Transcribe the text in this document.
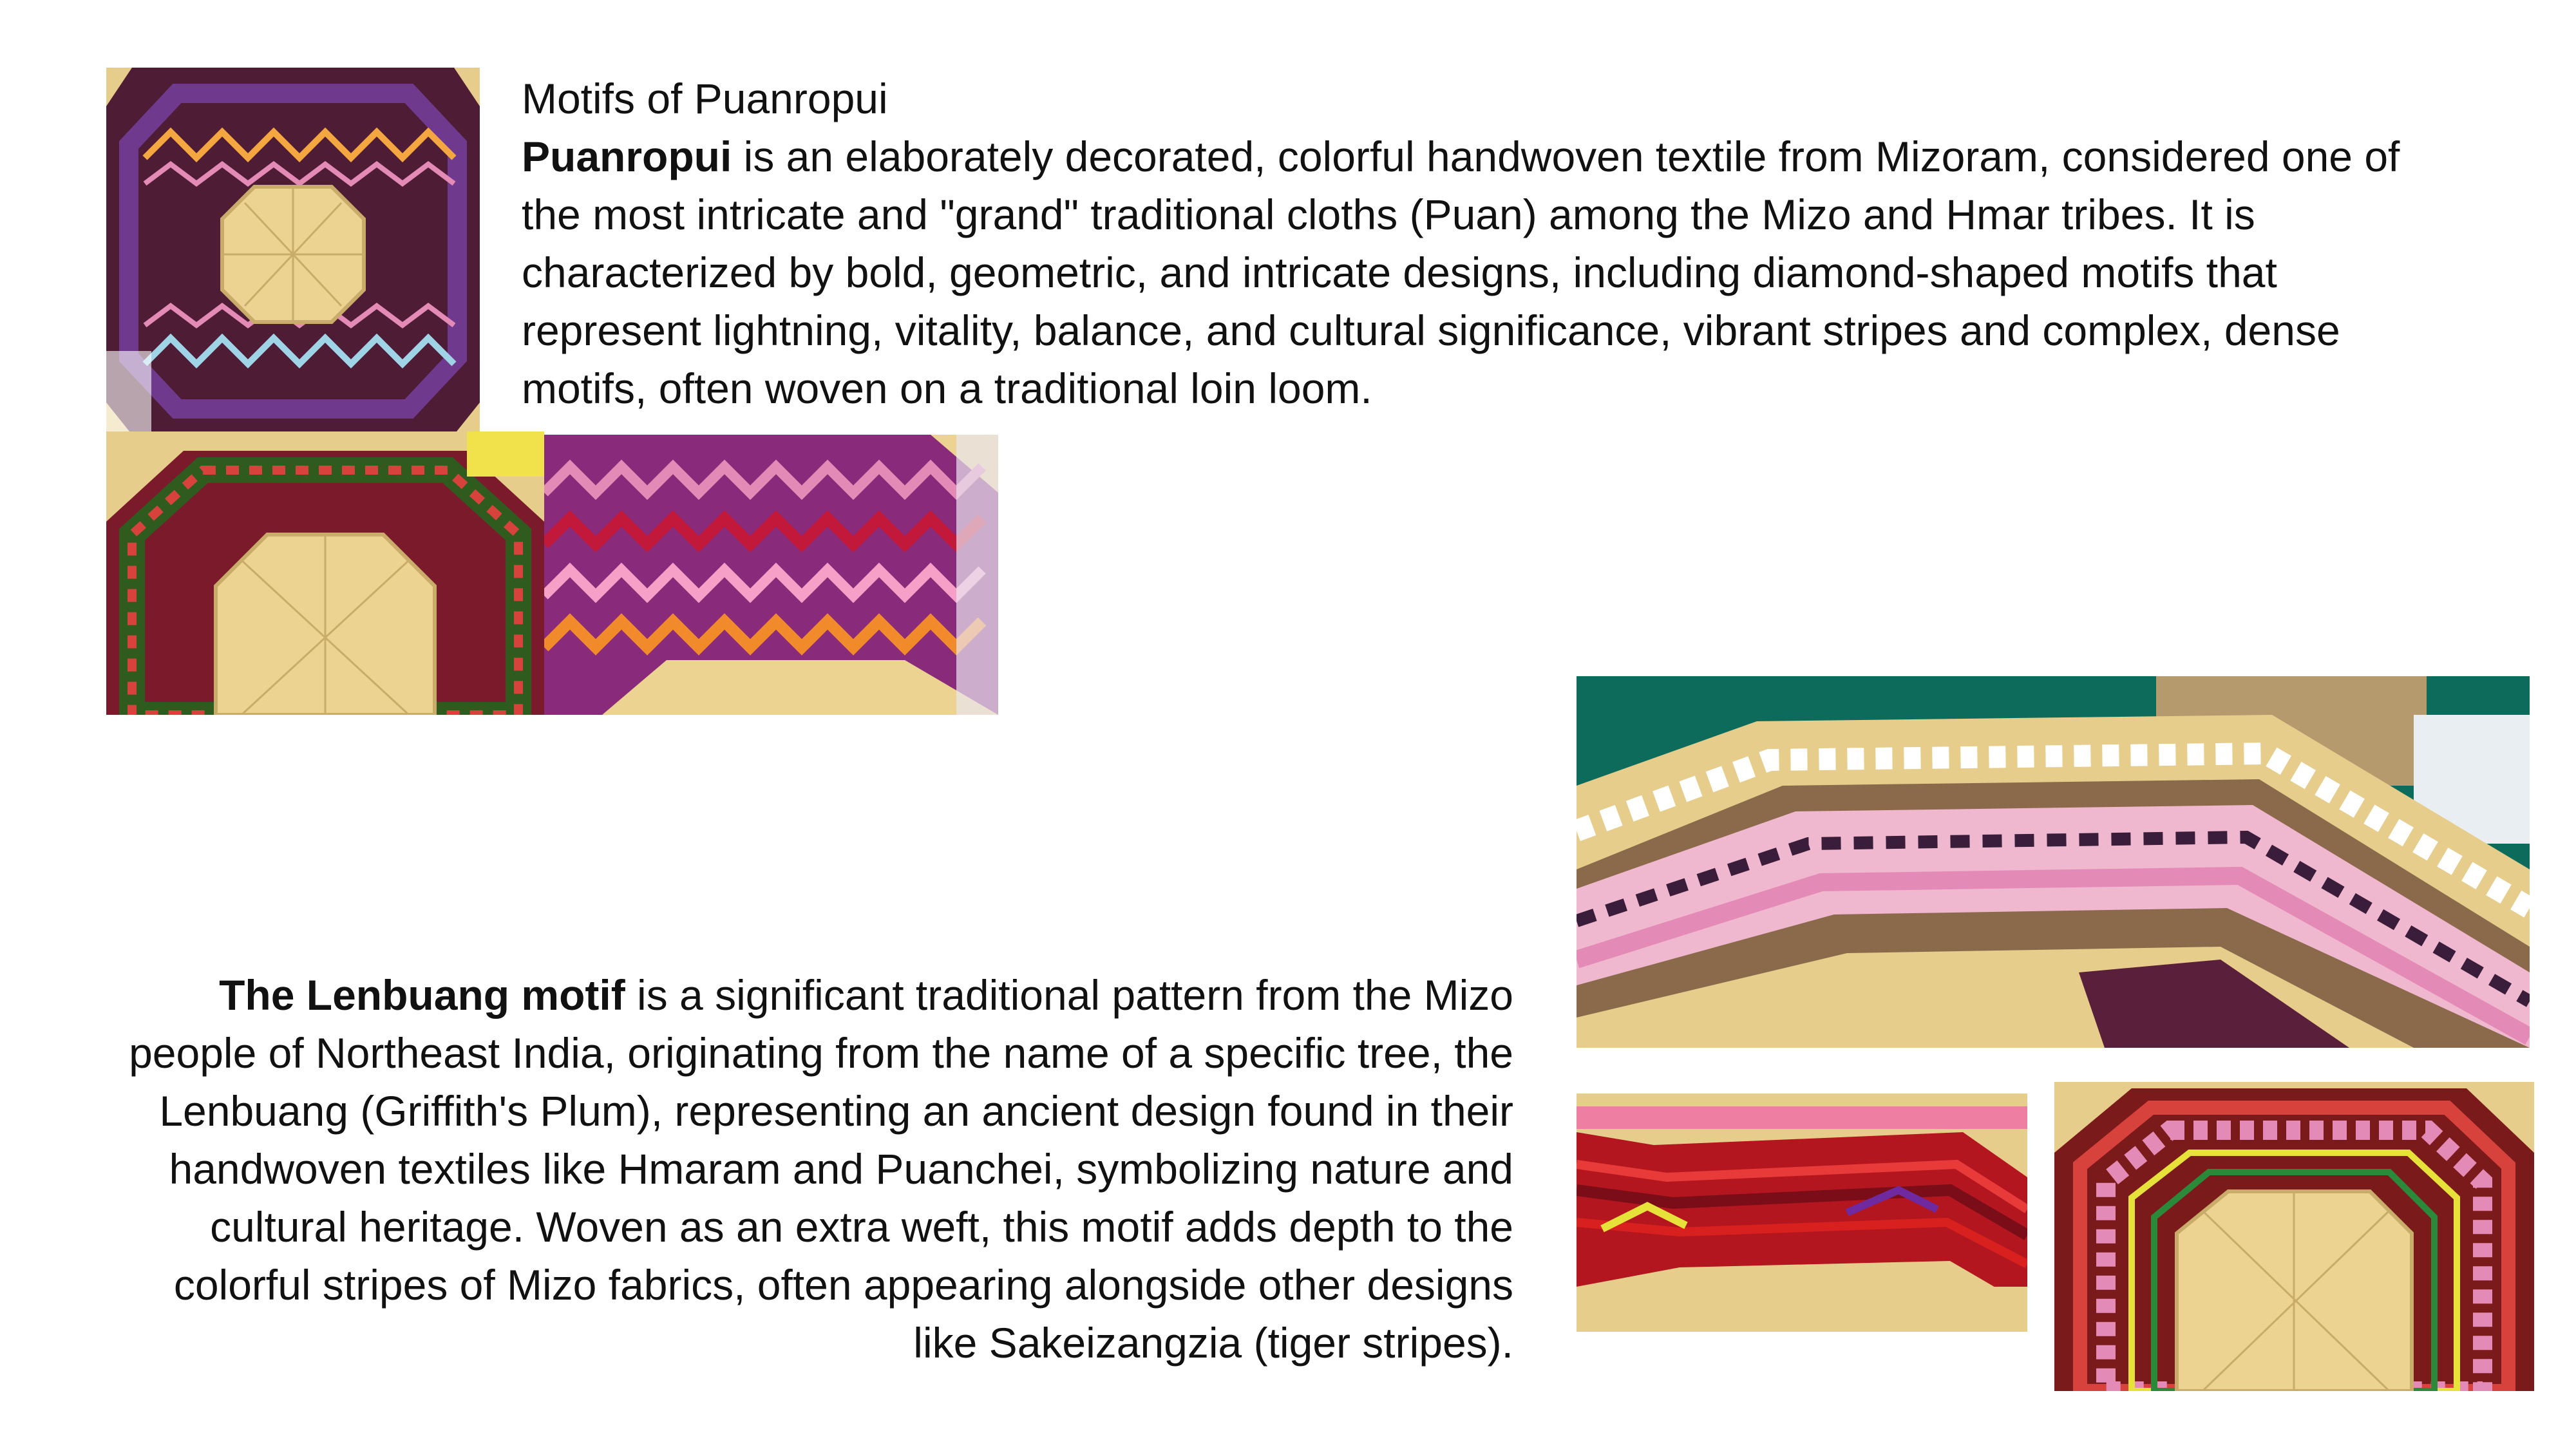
Motifs of Puanropui

Puanropui is an elaborately decorated, colorful handwoven textile from Mizoram, considered one of the most intricate and "grand" traditional cloths (Puan) among the Mizo and Hmar tribes. It is characterized by bold, geometric, and intricate designs, including diamond-shaped motifs that represent lightning, vitality, balance, and cultural significance, vibrant stripes and complex, dense motifs, often woven on a traditional loin loom.

The Lenbuang motif is a significant traditional pattern from the Mizo people of Northeast India, originating from the name of a specific tree, the Lenbuang (Griffith's Plum), representing an ancient design found in their handwoven textiles like Hmaram and Puanchei, symbolizing nature and cultural heritage. Woven as an extra weft, this motif adds depth to the colorful stripes of Mizo fabrics, often appearing alongside other designs like Sakeizangzia (tiger stripes).
